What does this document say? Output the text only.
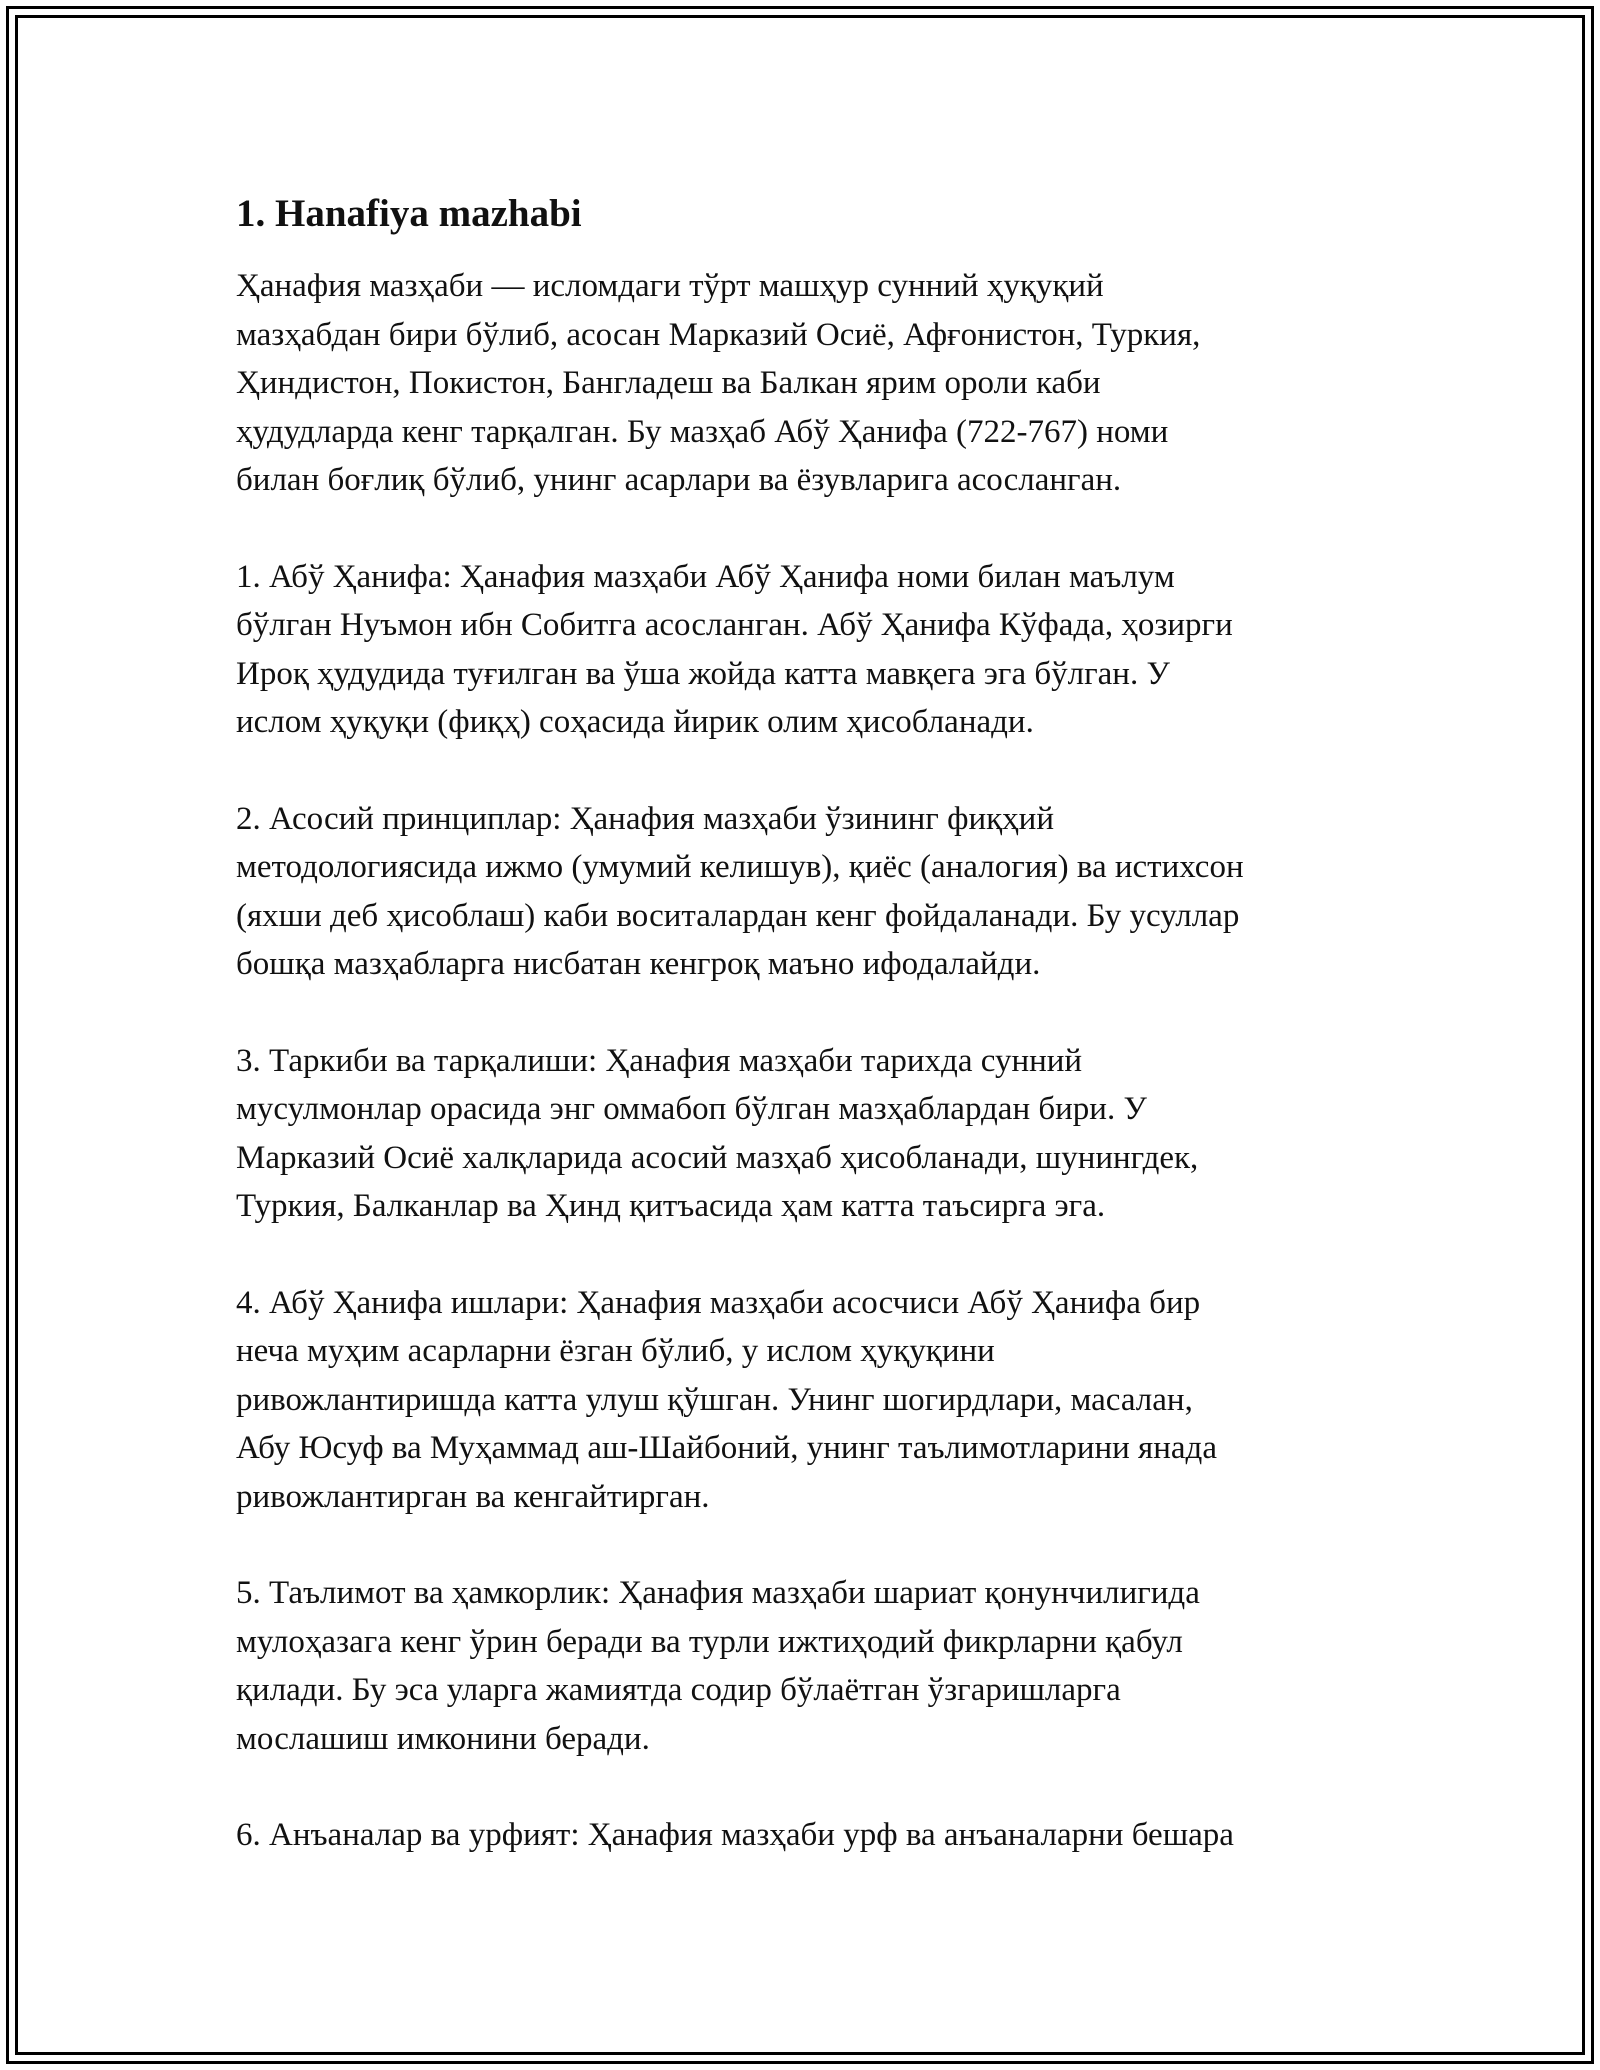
1. Hanafiya mazhabi
Ҳанафия мазҳаби — исломдаги тўрт машҳур сунний ҳуқуқий
мазҳабдан бири бўлиб, асосан Марказий Осиё, Афғонистон, Туркия,
Ҳиндистон, Покистон, Бангладеш ва Балкан ярим ороли каби
ҳудудларда кенг тарқалган. Бу мазҳаб Абў Ҳанифа (722-767) номи
билан боғлиқ бўлиб, унинг асарлари ва ёзувларига асосланган.
1. Абў Ҳанифа: Ҳанафия мазҳаби Абў Ҳанифа номи билан маълум
бўлган Нуъмон ибн Собитга асосланган. Абў Ҳанифа Кўфада, ҳозирги
Ироқ ҳудудида туғилган ва ўша жойда катта мавқега эга бўлган. У
ислом ҳуқуқи (фиқҳ) соҳасида йирик олим ҳисобланади.
2. Асосий принциплар: Ҳанафия мазҳаби ўзининг фиқҳий
методологиясида ижмо (умумий келишув), қиёс (аналогия) ва истихсон
(яхши деб ҳисоблаш) каби воситалардан кенг фойдаланади. Бу усуллар
бошқа мазҳабларга нисбатан кенгроқ маъно ифодалайди.
3. Таркиби ва тарқалиши: Ҳанафия мазҳаби тарихда сунний
мусулмонлар орасида энг оммабоп бўлган мазҳаблардан бири. У
Марказий Осиё халқларида асосий мазҳаб ҳисобланади, шунингдек,
Туркия, Балканлар ва Ҳинд қитъасида ҳам катта таъсирга эга.
4. Абў Ҳанифа ишлари: Ҳанафия мазҳаби асосчиси Абў Ҳанифа бир
неча муҳим асарларни ёзган бўлиб, у ислом ҳуқуқини
ривожлантиришда катта улуш қўшган. Унинг шогирдлари, масалан,
Абу Юсуф ва Муҳаммад аш-Шайбоний, унинг таълимотларини янада
ривожлантирган ва кенгайтирган.
5. Таълимот ва ҳамкорлик: Ҳанафия мазҳаби шариат қонунчилигида
мулоҳазага кенг ўрин беради ва турли ижтиҳодий фикрларни қабул
қилади. Бу эса уларга жамиятда содир бўлаётган ўзгаришларга
мослашиш имконини беради.
6. Анъаналар ва урфият: Ҳанафия мазҳаби урф ва анъаналарни бешара
